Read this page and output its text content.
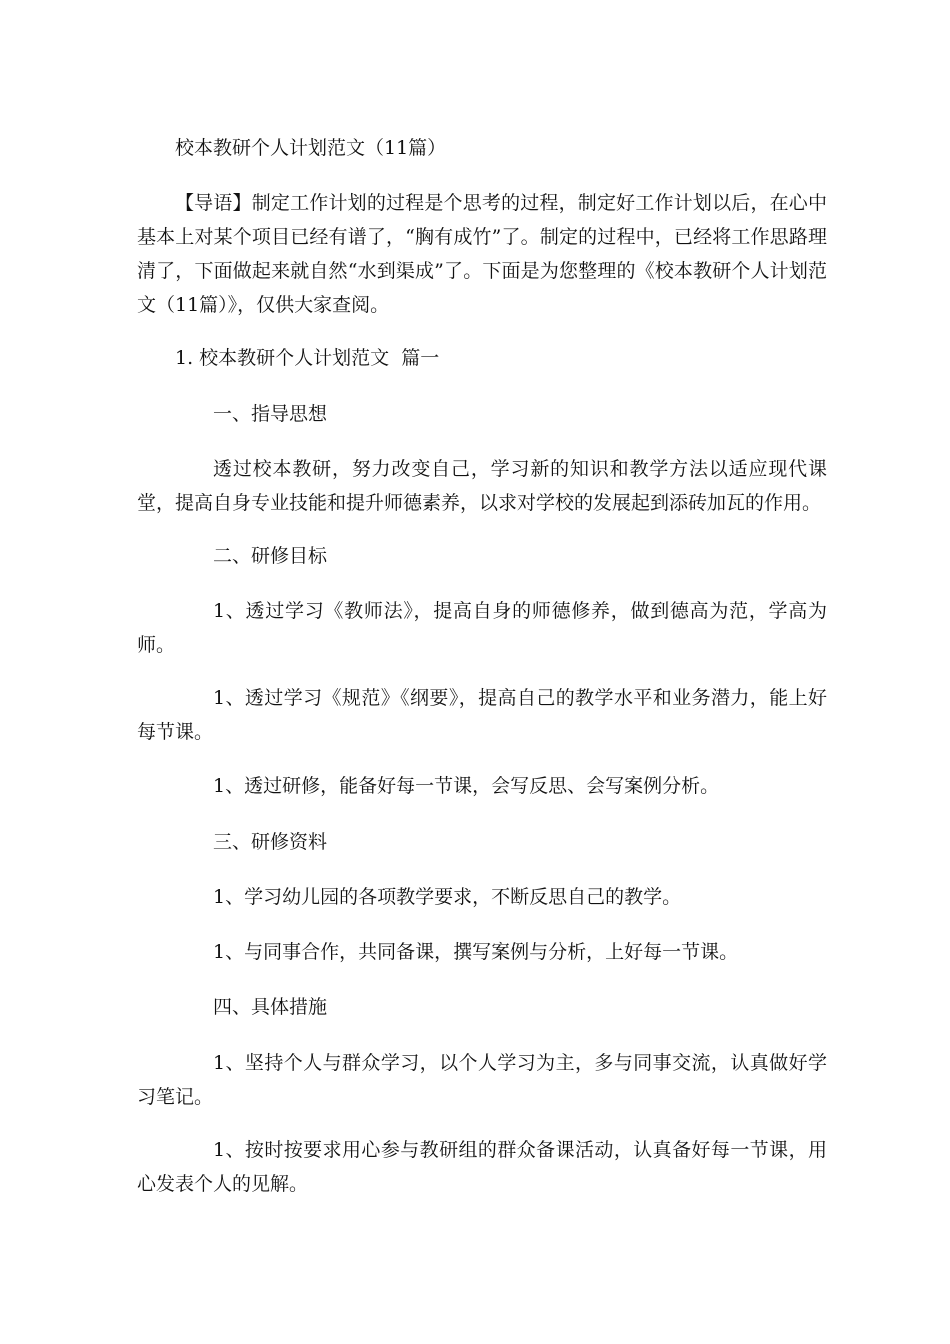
校本教研个人计划范文（11篇）

【导语】制定工作计划的过程是个思考的过程，制定好工作计划以后，在心中基本上对某个项目已经有谱了，“胸有成竹”了。制定的过程中，已经将工作思路理清了，下面做起来就自然“水到渠成”了。下面是为您整理的《校本教研个人计划范文（11篇）》，仅供大家查阅。

1. 校本教研个人计划范文  篇一

一、指导思想

透过校本教研，努力改变自己，学习新的知识和教学方法以适应现代课堂，提高自身专业技能和提升师德素养，以求对学校的发展起到添砖加瓦的作用。

二、研修目标

1、透过学习《教师法》，提高自身的师德修养，做到德高为范，学高为师。

1、透过学习《规范》《纲要》，提高自己的教学水平和业务潜力，能上好每节课。

1、透过研修，能备好每一节课，会写反思、会写案例分析。

三、研修资料

1、学习幼儿园的各项教学要求，不断反思自己的教学。

1、与同事合作，共同备课，撰写案例与分析，上好每一节课。

四、具体措施

1、坚持个人与群众学习，以个人学习为主，多与同事交流，认真做好学习笔记。

1、按时按要求用心参与教研组的群众备课活动，认真备好每一节课，用心发表个人的见解。
